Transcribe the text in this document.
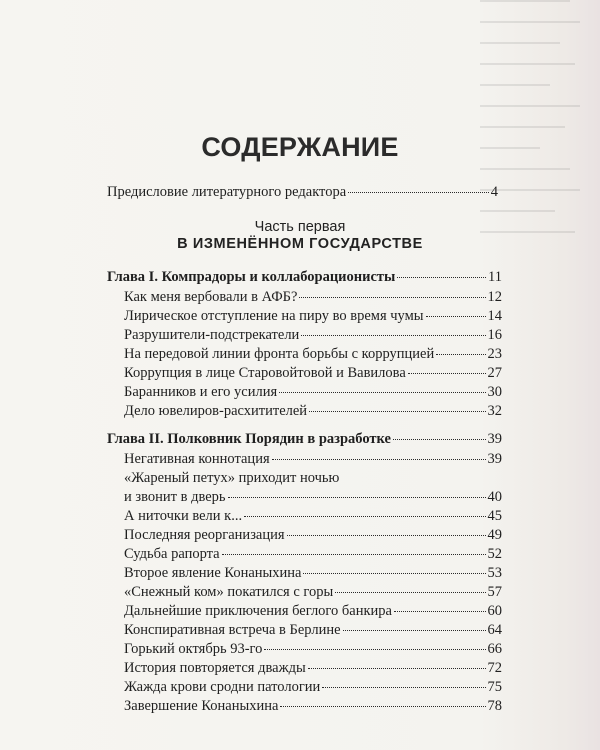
СОДЕРЖАНИЕ
Предисловие литературного редактора	4
Часть первая
В ИЗМЕНЁННОМ ГОСУДАРСТВЕ
Глава I. Компрадоры и коллаборационисты	11
Как меня вербовали в АФБ?	12
Лирическое отступление на пиру во время чумы	14
Разрушители-подстрекатели	16
На передовой линии фронта борьбы с коррупцией	23
Коррупция в лице Старовойтовой и Вавилова	27
Баранников и его усилия	30
Дело ювелиров-расхитителей	32
Глава II. Полковник Порядин в разработке	39
Негативная коннотация	39
«Жареный петух» приходит ночью
и звонит в дверь	40
А ниточки вели к...	45
Последняя реорганизация	49
Судьба рапорта	52
Второе явление Конаныхина	53
«Снежный ком» покатился с горы	57
Дальнейшие приключения беглого банкира	60
Конспиративная встреча в Берлине	64
Горький октябрь 93-го	66
История повторяется дважды	72
Жажда крови сродни патологии	75
Завершение Конаныхина	78
